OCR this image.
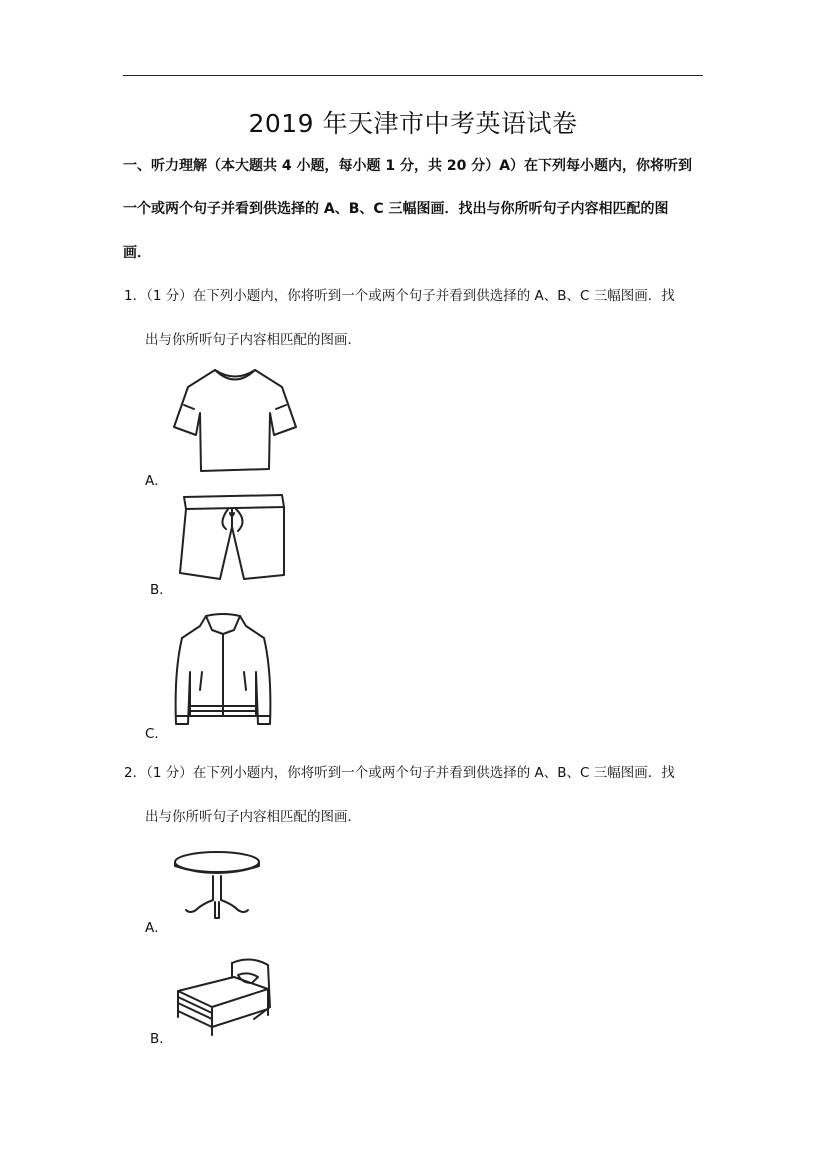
2019 年天津市中考英语试卷
一、听力理解（本大题共 4 小题，每小题 1 分，共 20 分）A）在下列每小题内，你将听到
一个或两个句子并看到供选择的 A、B、C 三幅图画．找出与你所听句子内容相匹配的图
画．
1．（1 分）在下列小题内，你将听到一个或两个句子并看到供选择的 A、B、C 三幅图画．找
出与你所听句子内容相匹配的图画．
A．
B．
C．
2．（1 分）在下列小题内，你将听到一个或两个句子并看到供选择的 A、B、C 三幅图画．找
出与你所听句子内容相匹配的图画．
A．
B．
